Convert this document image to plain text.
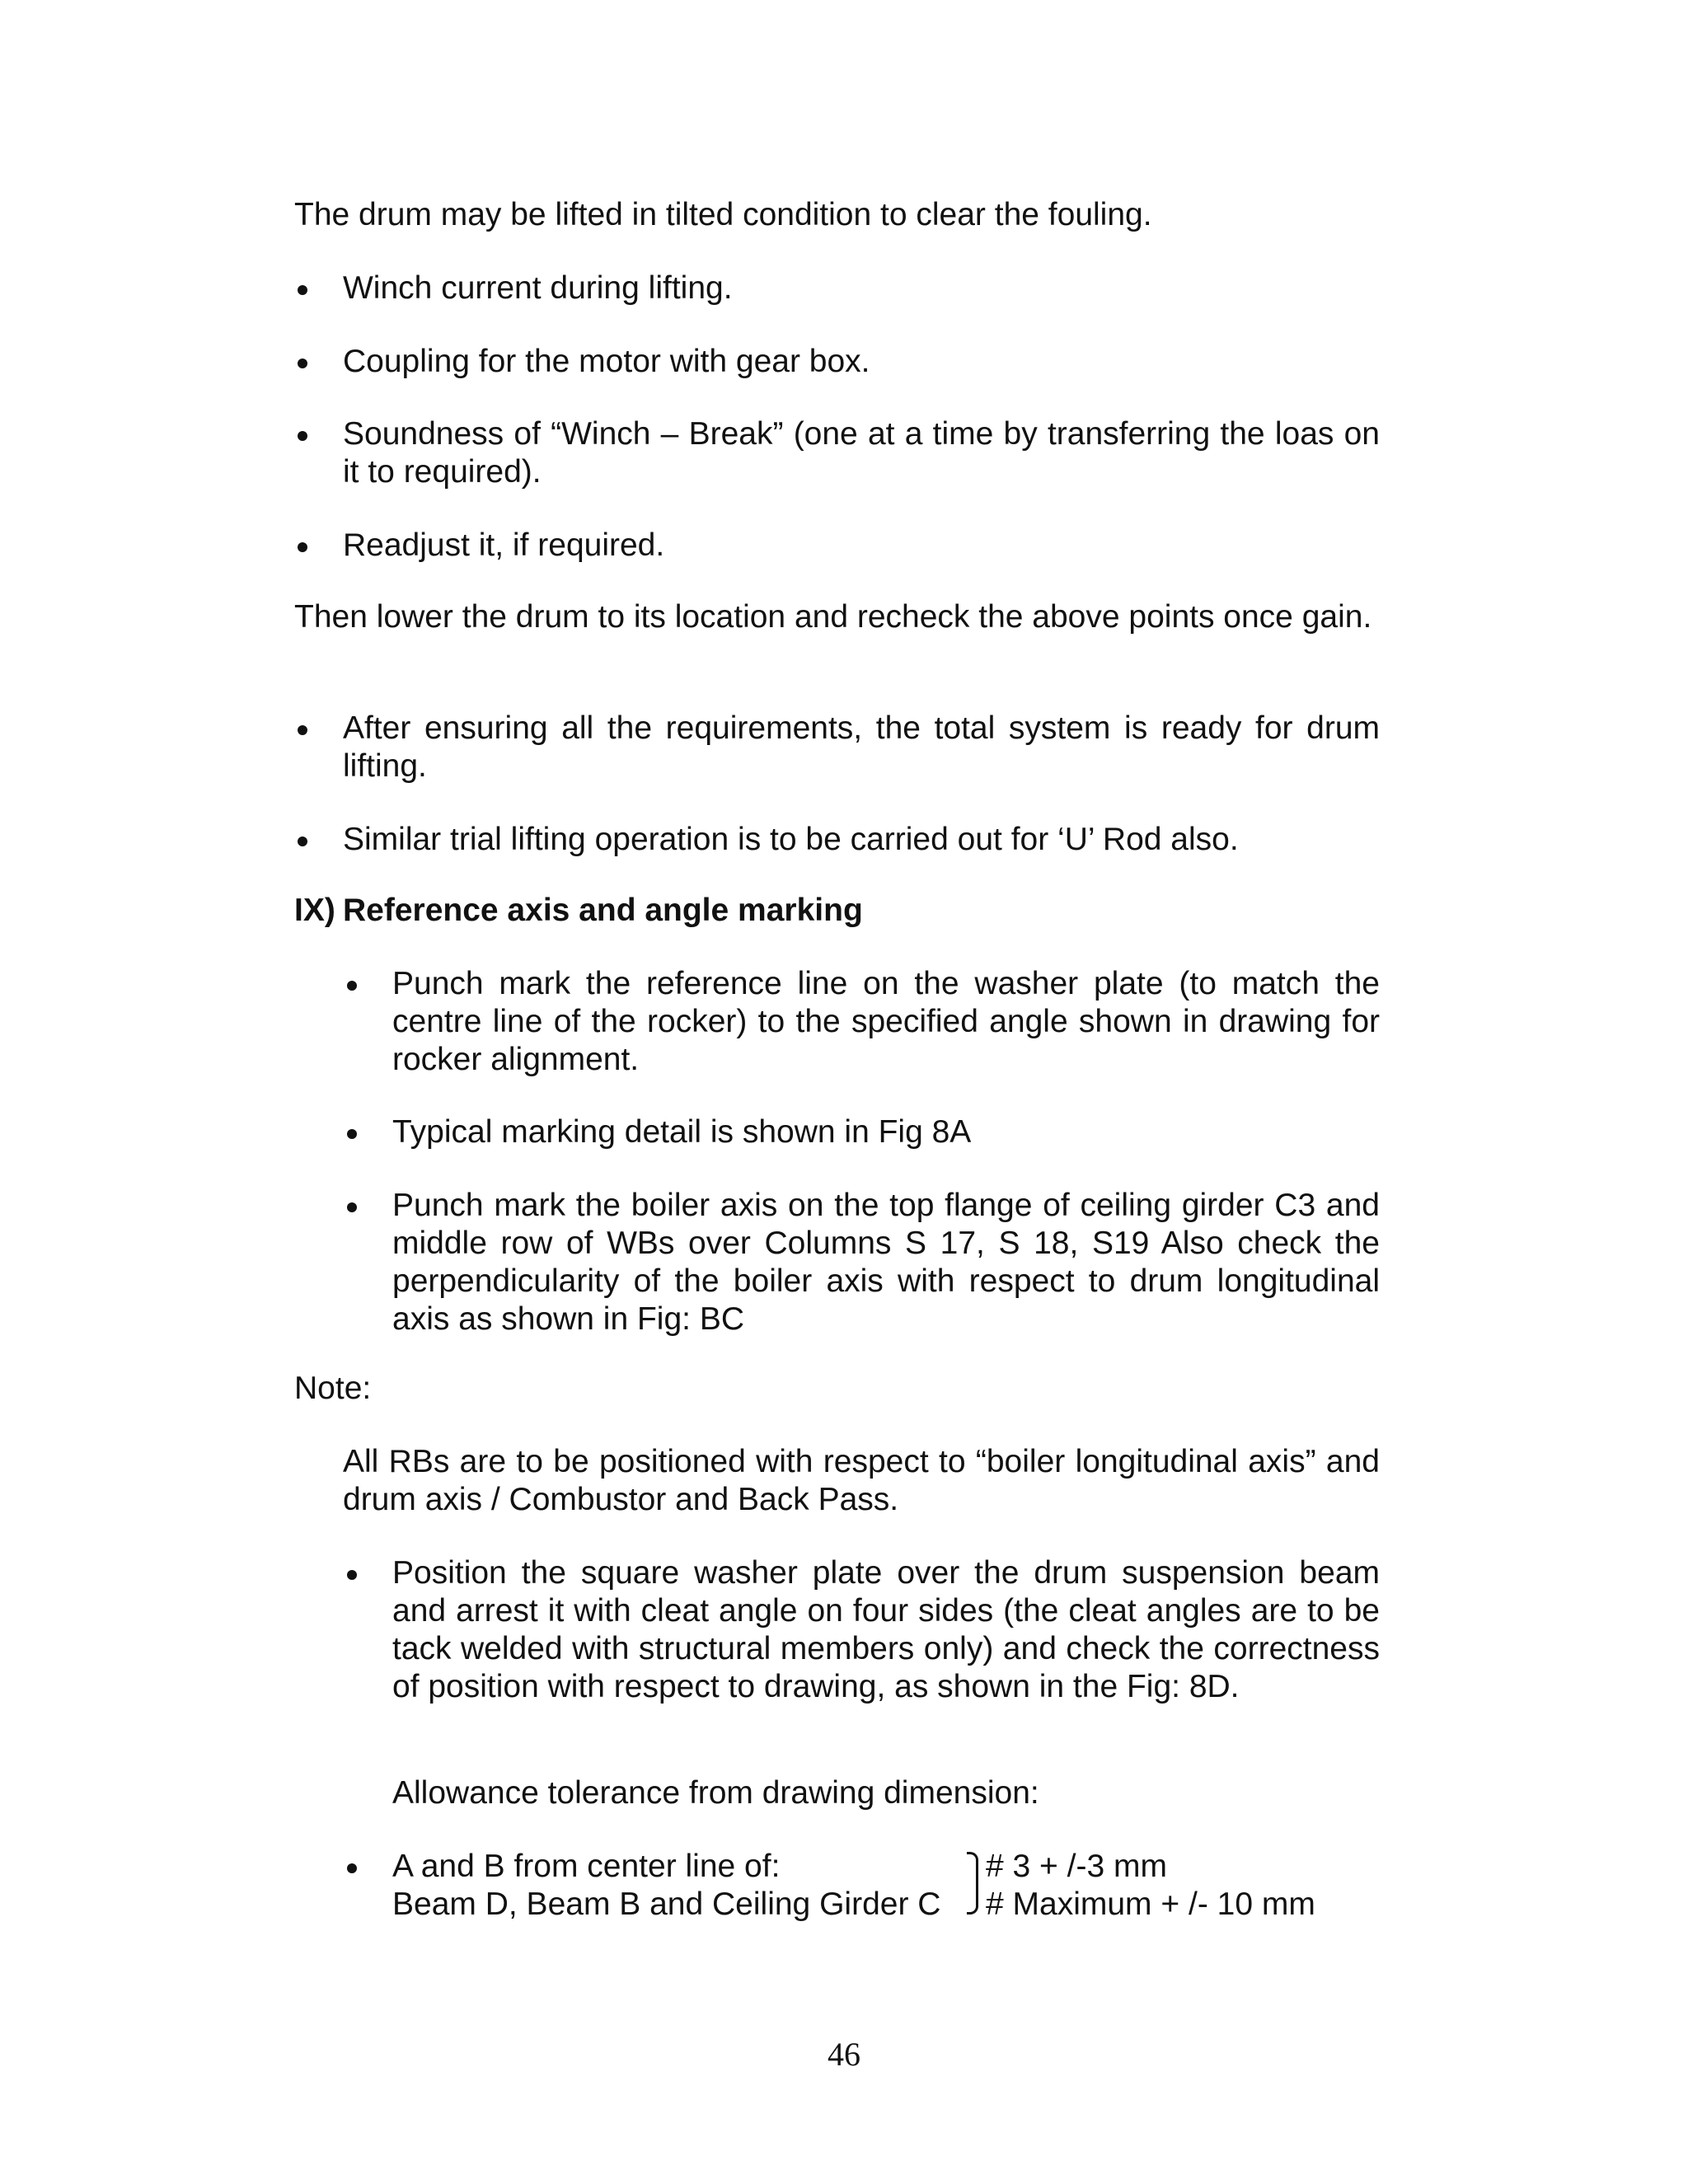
The drum may be lifted in tilted condition to clear the fouling.
Winch current during lifting.
Coupling for the motor with gear box.

Soundness of “Winch – Break” (one at a time by transferring the loas on it to required).

Readjust it, if required.

Then lower the drum to its location and recheck the above points once gain.

After ensuring all the requirements, the total system is ready for drum lifting.

Similar trial lifting operation is to be carried out for ‘U’ Rod also.
IX) Reference axis and angle marking

Punch mark the reference line on the washer plate (to match the centre line of the rocker) to the specified angle shown in drawing for rocker alignment.

Typical marking detail is shown in Fig 8A

Punch mark the boiler axis on the top flange of ceiling girder C3 and middle row of WBs over Columns S 17, S 18, S19 Also check the perpendicularity of the boiler axis with respect to drum longitudinal axis as shown in Fig: BC

Note:

All RBs are to be positioned with respect to “boiler longitudinal axis” and drum axis / Combustor and Back Pass.

Position the square washer plate over the drum suspension beam and arrest it with cleat angle on four sides (the cleat angles are to be tack welded with structural members only) and check the correctness of position with respect to drawing, as shown in the Fig: 8D.

Allowance tolerance from drawing dimension:
A and B from center line of:
Beam D, Beam B and Ceiling Girder C
# 3 + /-3 mm
# Maximum + /- 10 mm
46
